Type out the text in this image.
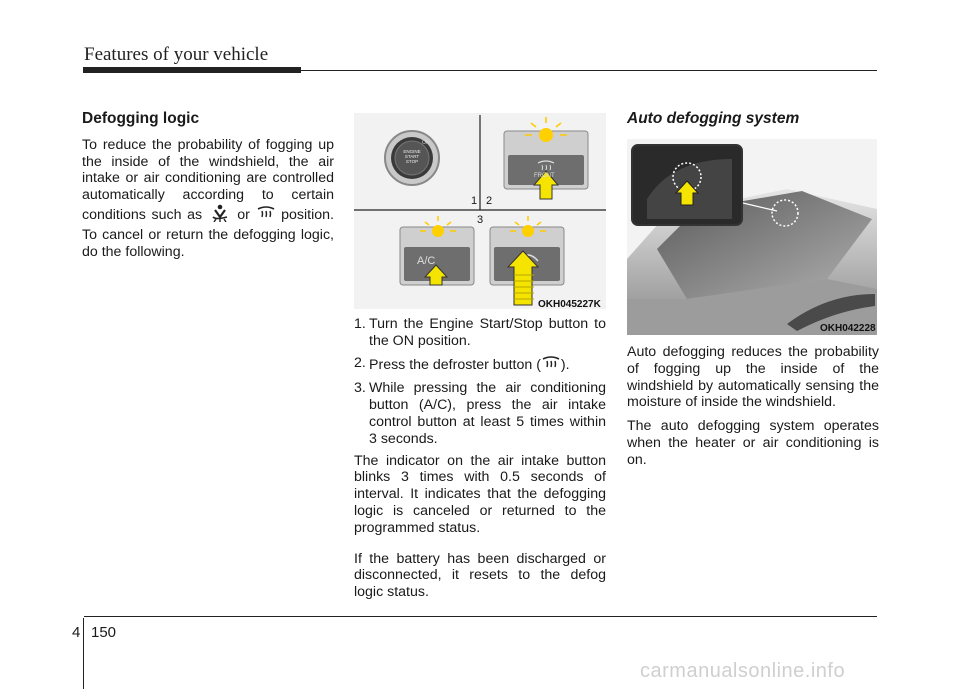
Features of your vehicle
Defogging logic

To reduce the probability of fogging up the inside of the windshield, the air intake or air conditioning are controlled automatically according to certain conditions such as or position. To cancel or return the defogging logic, do the following.

ENGINE
START
STOP
ON
FRONT
A/C
1 2
3
OKH045227K
1. Turn the Engine Start/Stop button to the ON position.
2. Press the defroster button ( ).
3. While pressing the air conditioning button (A/C), press the air intake control button at least 5 times within 3 seconds.

The indicator on the air intake button blinks 3 times with 0.5 seconds of interval. It indicates that the defogging logic is canceled or returned to the programmed status.

If the battery has been discharged or disconnected, it resets to the defog logic status.

Auto defogging system
OKH042228

Auto defogging reduces the probability of fogging up the inside of the windshield by automatically sensing the moisture of inside the windshield.

The auto defogging system operates when the heater or air conditioning is on.

4 150
carmanualsonline.info
